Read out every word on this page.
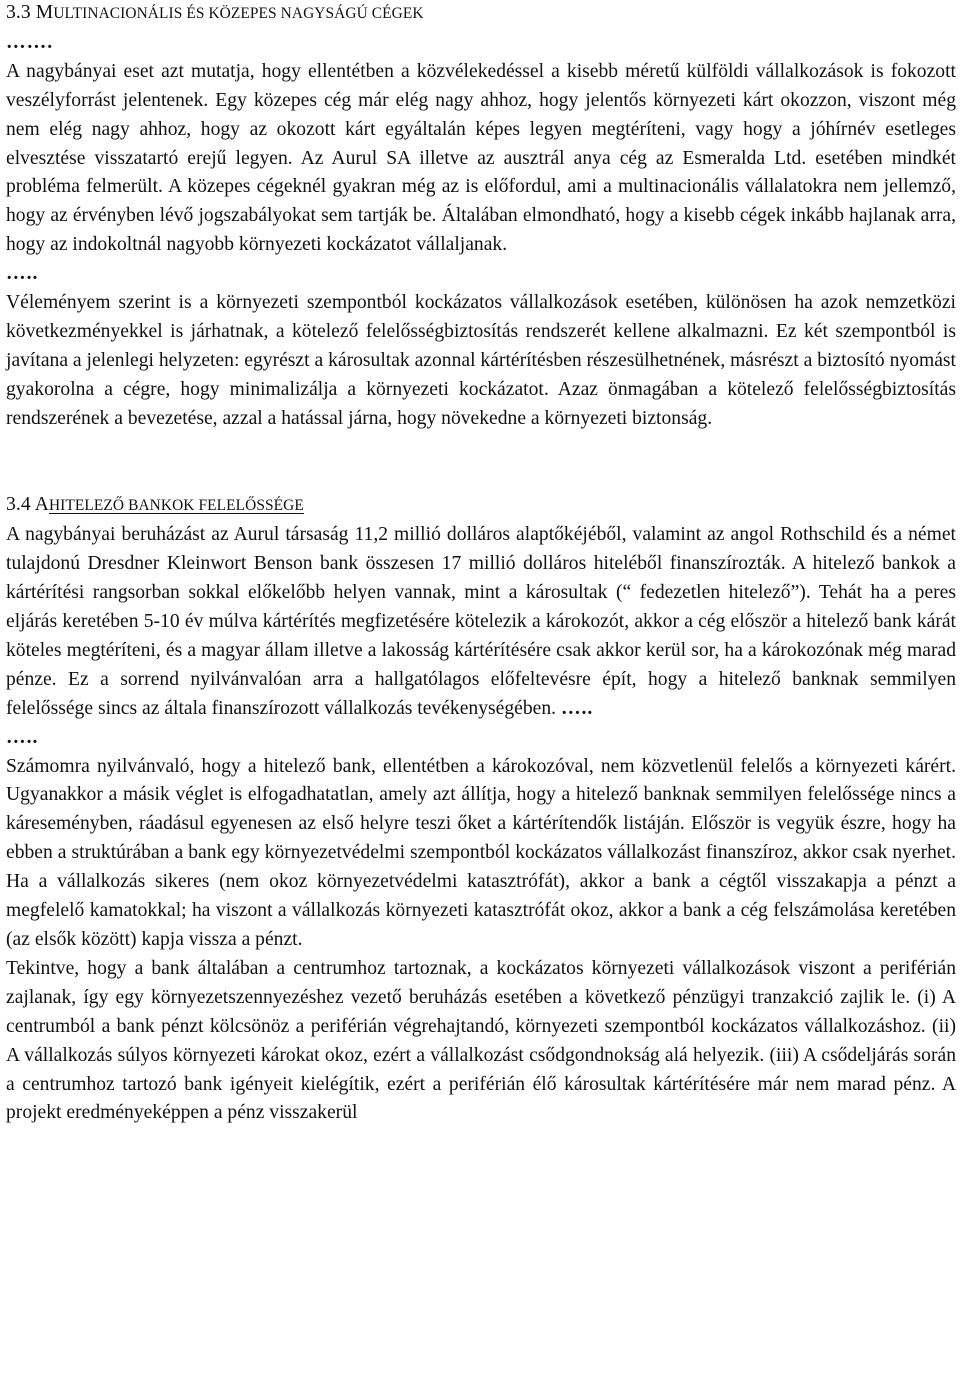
3.3 MULTINACIONÁLIS ÉS KÖZEPES NAGYSÁGÚ CÉGEK
…….

A nagybányai eset azt mutatja, hogy ellentétben a közvélekedéssel a kisebb méretű külföldi vállalkozások is fokozott veszélyforrást jelentenek. Egy közepes cég már elég nagy ahhoz, hogy jelentős környezeti kárt okozzon, viszont még nem elég nagy ahhoz, hogy az okozott kárt egyáltalán képes legyen megtéríteni, vagy hogy a jóhírnév esetleges elvesztése visszatartó erejű legyen. Az Aurul SA illetve az ausztrál anya cég az Esmeralda Ltd. esetében mindkét probléma felmerült. A közepes cégeknél gyakran még az is előfordul, ami a multinacionális vállalatokra nem jellemző, hogy az érvényben lévő jogszabályokat sem tartják be. Általában elmondható, hogy a kisebb cégek inkább hajlanak arra, hogy az indokoltnál nagyobb környezeti kockázatot vállaljanak.

…..

Véleményem szerint is a környezeti szempontból kockázatos vállalkozások esetében, különösen ha azok nemzetközi következményekkel is járhatnak, a kötelező felelősségbiztosítás rendszerét kellene alkalmazni. Ez két szempontból is javítana a jelenlegi helyzeten: egyrészt a károsultak azonnal kártérítésben részesülhetnének, másrészt a biztosító nyomást gyakorolna a cégre, hogy minimalizálja a környezeti kockázatot. Azaz önmagában a kötelező felelősségbiztosítás rendszerének a bevezetése, azzal a hatással járna, hogy növekedne a környezeti biztonság.

3.4 AHITELEZŐ BANKOK FELELŐSSÉGE

A nagybányai beruházást az Aurul társaság 11,2 millió dolláros alaptőkéjéből, valamint az angol Rothschild és a német tulajdonú Dresdner Kleinwort Benson bank összesen 17 millió dolláros hiteléből finanszírozták. A hitelező bankok a kártérítési rangsorban sokkal előkelőbb helyen vannak, mint a károsultak (“ fedezetlen hitelező”). Tehát ha a peres eljárás keretében 5-10 év múlva kártérítés megfizetésére kötelezik a károkozót, akkor a cég először a hitelező bank kárát köteles megtéríteni, és a magyar állam illetve a lakosság kártérítésére csak akkor kerül sor, ha a károkozónak még marad pénze. Ez a sorrend nyilvánvalóan arra a hallgatólagos előfeltevésre épít, hogy a hitelező banknak semmilyen felelőssége sincs az általa finanszírozott vállalkozás tevékenységében. …..

…..

Számomra nyilvánvaló, hogy a hitelező bank, ellentétben a károkozóval, nem közvetlenül felelős a környezeti kárért. Ugyanakkor a másik véglet is elfogadhatatlan, amely azt állítja, hogy a hitelező banknak semmilyen felelőssége nincs a káreseményben, ráadásul egyenesen az első helyre teszi őket a kártérítendők listáján. Először is vegyük észre, hogy ha ebben a struktúrában a bank egy környezetvédelmi szempontból kockázatos vállalkozást finanszíroz, akkor csak nyerhet. Ha a vállalkozás sikeres (nem okoz környezetvédelmi katasztrófát), akkor a bank a cégtől visszakapja a pénzt a megfelelő kamatokkal; ha viszont a vállalkozás környezeti katasztrófát okoz, akkor a bank a cég felszámolása keretében (az elsők között) kapja vissza a pénzt.

Tekintve, hogy a bank általában a centrumhoz tartoznak, a kockázatos környezeti vállalkozások viszont a periférián zajlanak, így egy környezetszennyezéshez vezető beruházás esetében a következő pénzügyi tranzakció zajlik le. (i) A centrumból a bank pénzt kölcsönöz a periférián végrehajtandó, környezeti szempontból kockázatos vállalkozáshoz. (ii) A vállalkozás súlyos környezeti károkat okoz, ezért a vállalkozást csődgondnokság alá helyezik. (iii) A csődeljárás során a centrumhoz tartozó bank igényeit kielégítik, ezért a periférián élő károsultak kártérítésére már nem marad pénz. A projekt eredményeképpen a pénz visszakerül
